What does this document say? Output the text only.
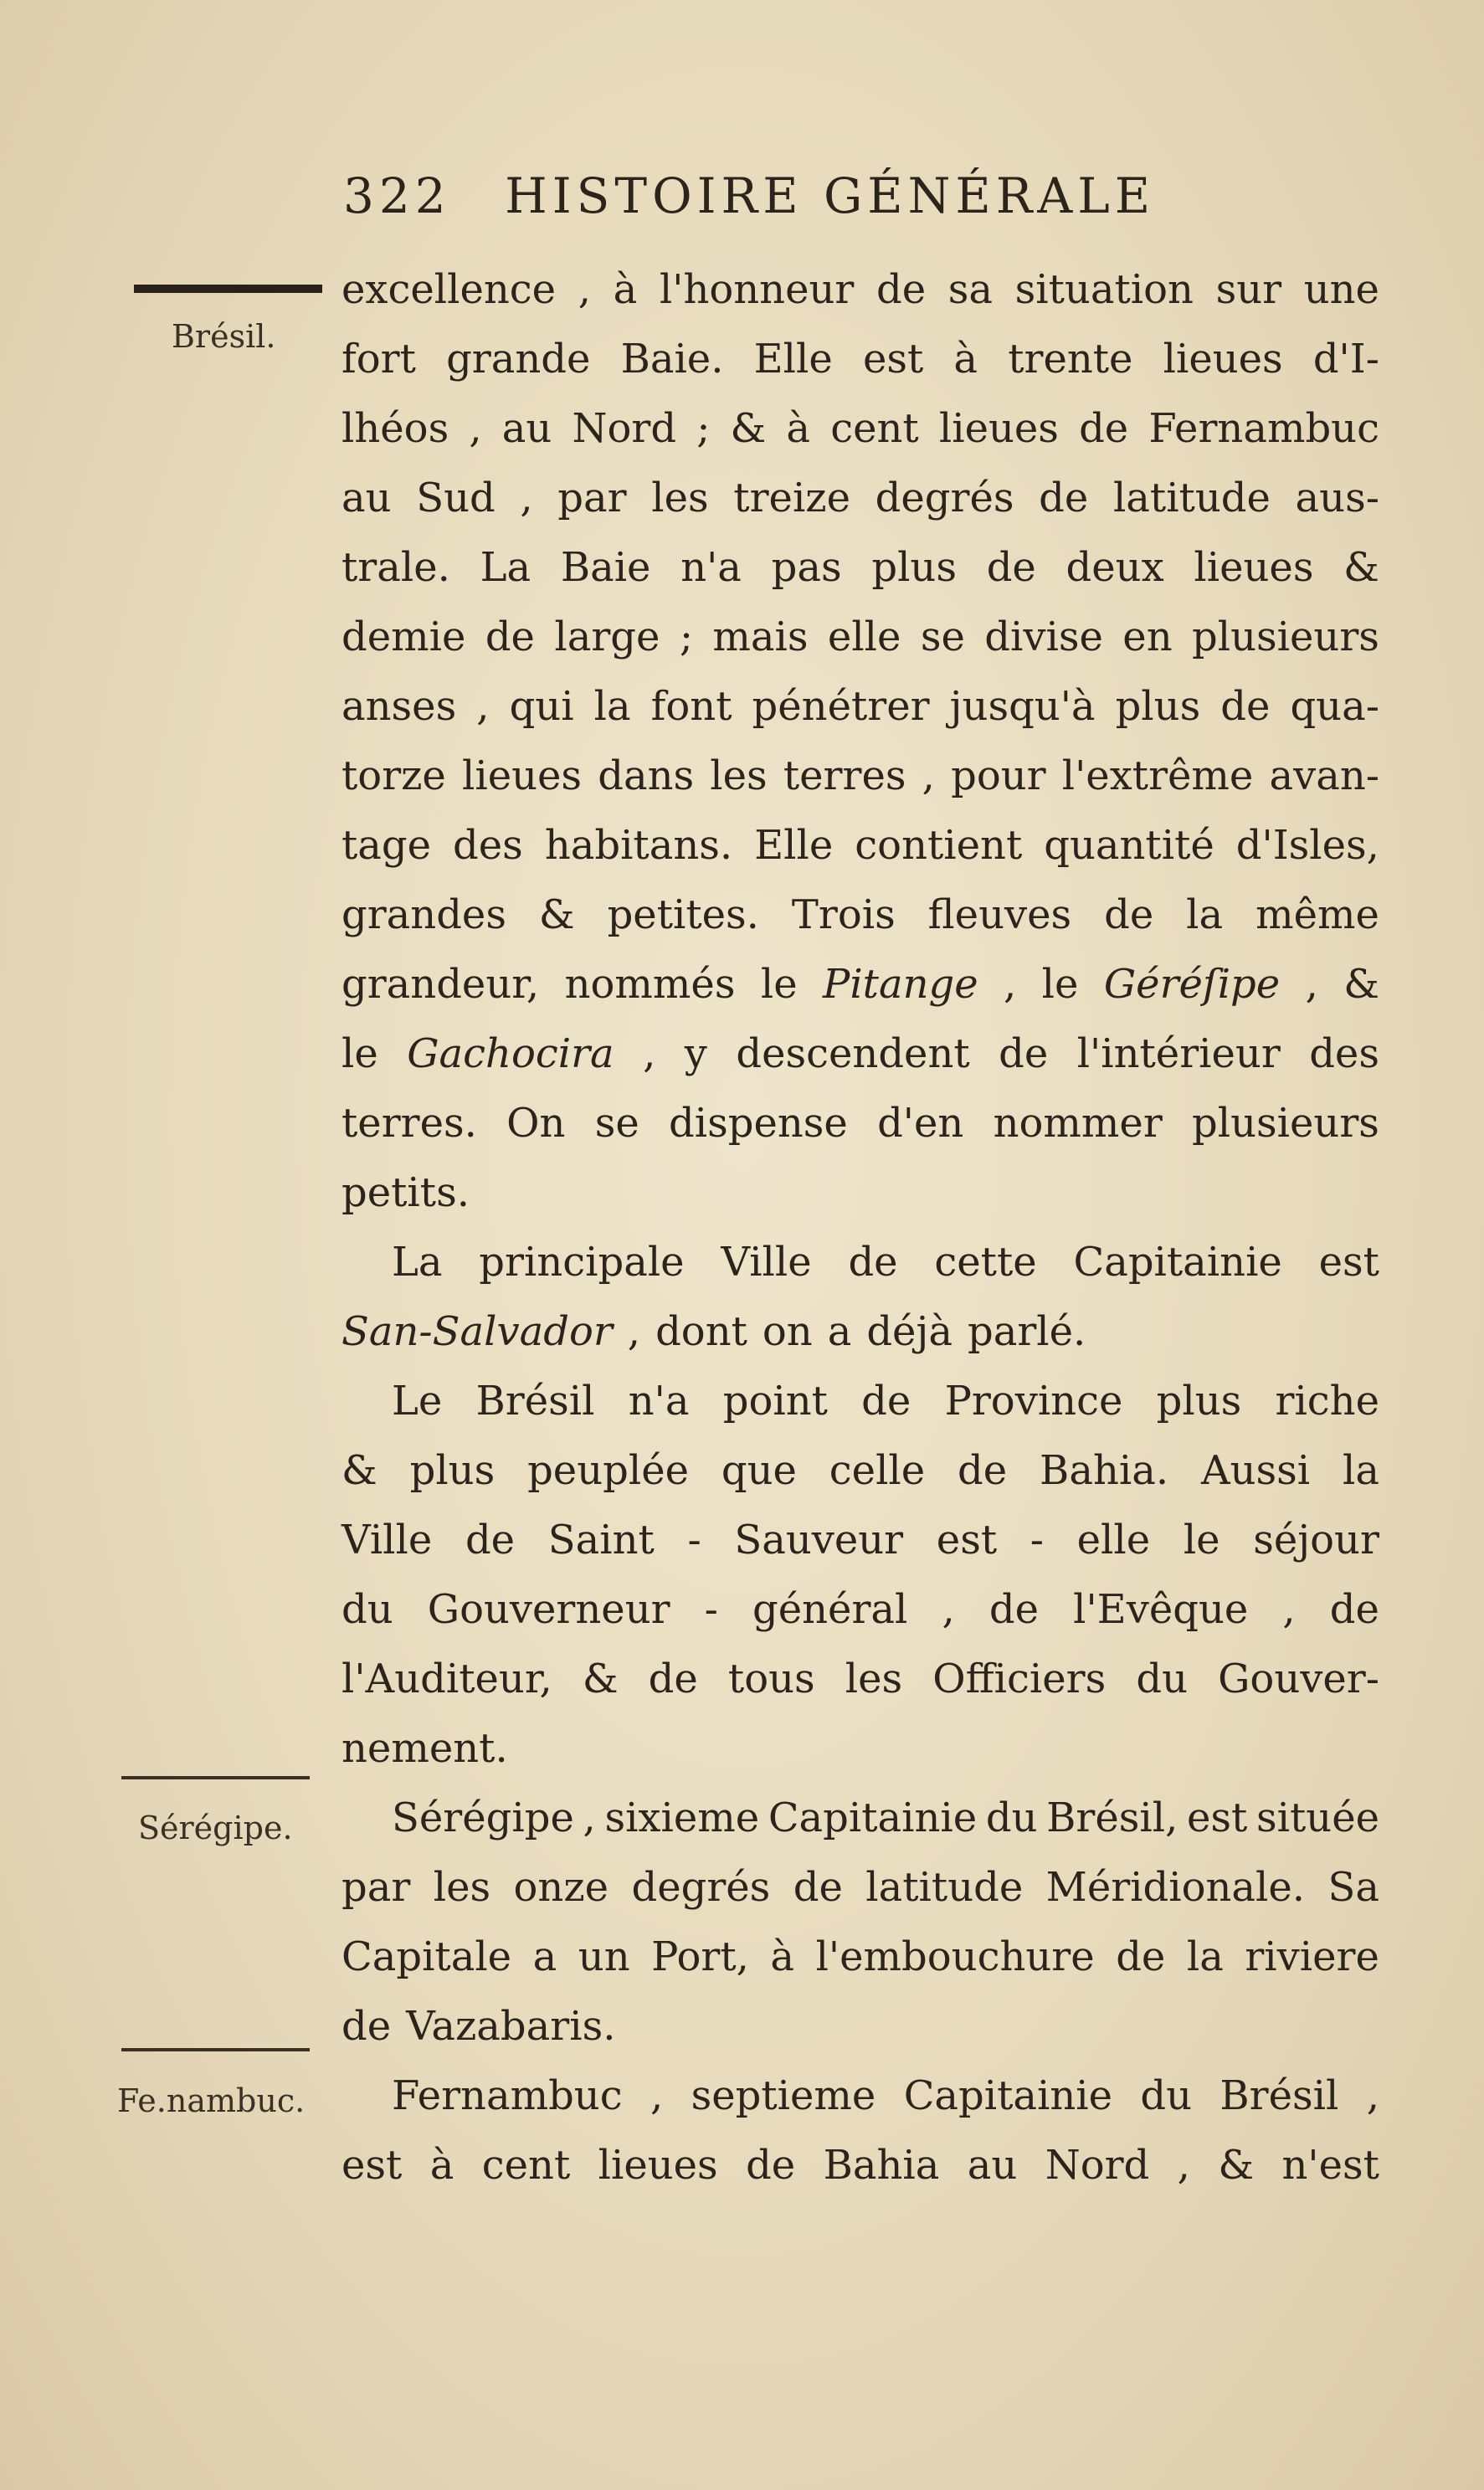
322 HISTOIRE GÉNÉRALE
Brésil.
Sérégipe.
Fe.nambuc.
excellence , à l'honneur de sa situation sur une
fort grande Baie. Elle est à trente lieues d'I-
lhéos , au Nord ; & à cent lieues de Fernambuc
au Sud , par les treize degrés de latitude aus-
trale. La Baie n'a pas plus de deux lieues &
demie de large ; mais elle se divise en plusieurs
anses , qui la font pénétrer jusqu'à plus de qua-
torze lieues dans les terres , pour l'extrême avan-
tage des habitans. Elle contient quantité d'Isles,
grandes & petites. Trois fleuves de la même
grandeur, nommés le Pitange , le Géréſipe , &
le Gachocira , y descendent de l'intérieur des
terres. On se dispense d'en nommer plusieurs
petits.
La principale Ville de cette Capitainie est
San-Salvador , dont on a déjà parlé.
Le Brésil n'a point de Province plus riche
& plus peuplée que celle de Bahia. Aussi la
Ville de Saint - Sauveur est - elle le séjour
du Gouverneur - général , de l'Evêque , de
l'Auditeur, & de tous les Officiers du Gouver-
nement.
Sérégipe , sixieme Capitainie du Brésil, est située
par les onze degrés de latitude Méridionale. Sa
Capitale a un Port, à l'embouchure de la riviere
de Vazabaris.
Fernambuc , septieme Capitainie du Brésil ,
est à cent lieues de Bahia au Nord , & n'est
